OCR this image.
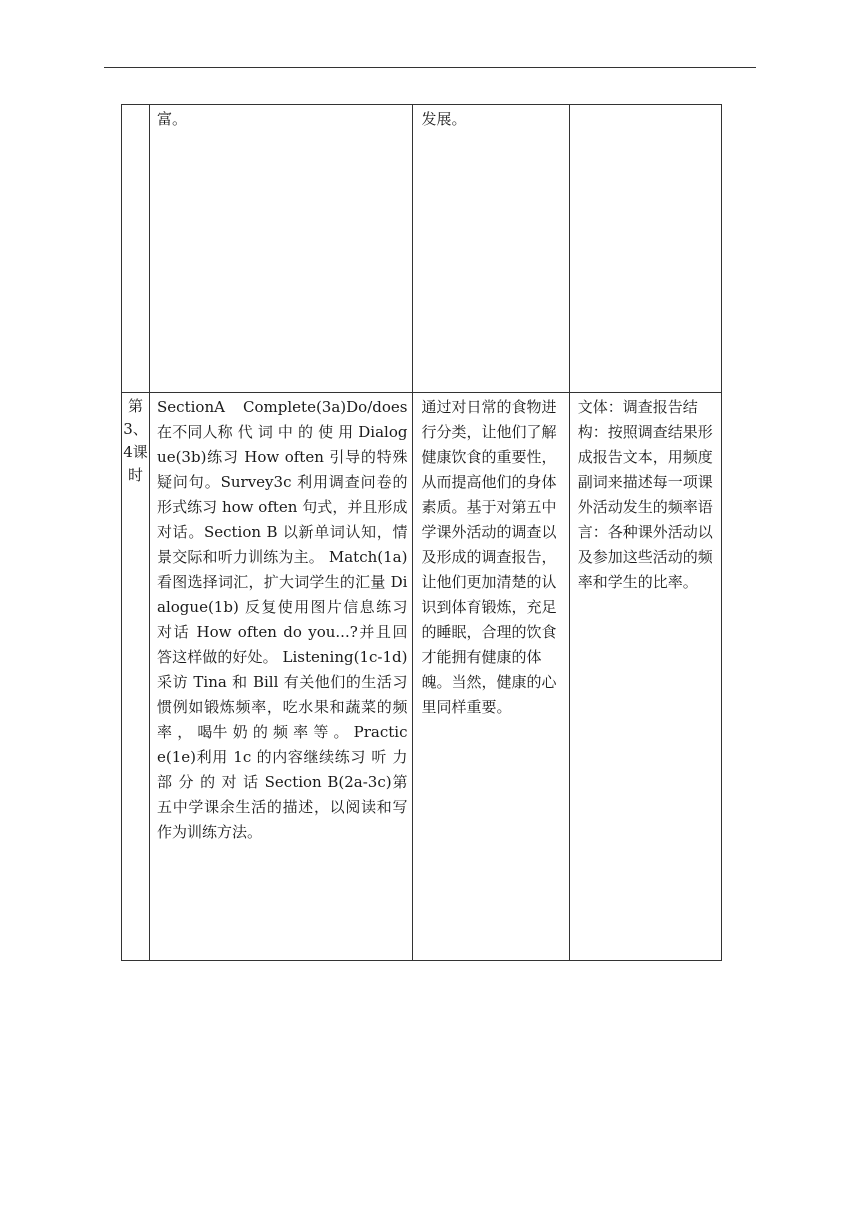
	富。	发展。	

第3、4课时	SectionA Complete(3a)Do/does 在不同人称 代 词 中 的 使 用 Dialogue(3b)练习 How often 引导的特殊疑问句。Survey3c 利用调查问卷的形式练习 how often 句式，并且形成对话。Section B 以新单词认知，情景交际和听力训练为主。 Match(1a)看图选择词汇，扩大词学生的汇量 Dialogue(1b) 反复使用图片信息练习对话 How often do you...?并且回答这样做的好处。 Listening(1c-1d) 采访 Tina 和 Bill 有关他们的生活习惯例如锻炼频率，吃水果和蔬菜的频 率 ， 喝牛 奶 的 频 率 等 。 Practice(1e)利用 1c 的内容继续练习 听 力 部 分 的 对 话 Section B(2a-3c)第五中学课余生活的描述，以阅读和写作为训练方法。	通过对日常的食物进行分类，让他们了解健康饮食的重要性，从而提高他们的身体素质。基于对第五中学课外活动的调查以及形成的调查报告，让他们更加清楚的认识到体育锻炼，充足的睡眠，合理的饮食才能拥有健康的体魄。当然，健康的心里同样重要。	文体：调查报告结构：按照调查结果形成报告文本，用频度副词来描述每一项课外活动发生的频率语言：各种课外活动以及参加这些活动的频率和学生的比率。
